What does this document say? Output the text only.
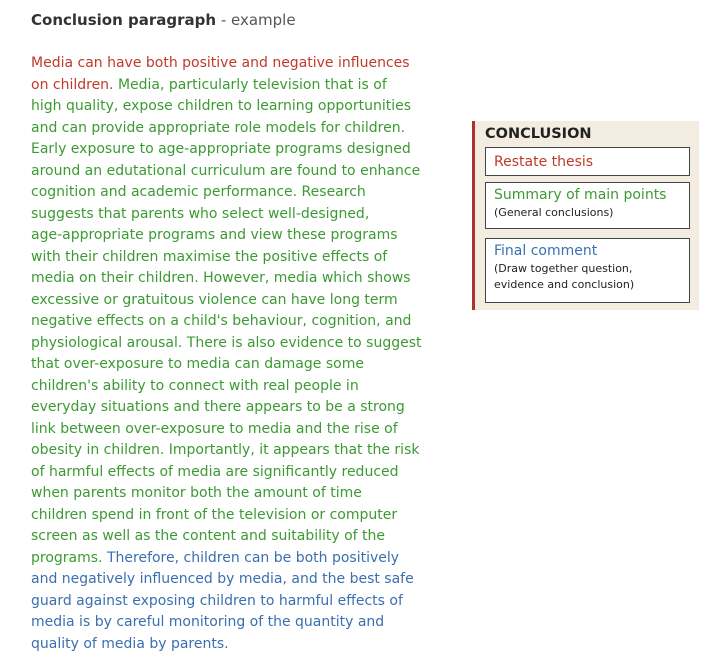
Conclusion paragraph - example
Media can have both positive and negative influences
on children. Media, particularly television that is of
high quality, expose children to learning opportunities
and can provide appropriate role models for children.
Early exposure to age-appropriate programs designed
around an edutational curriculum are found to enhance
cognition and academic performance. Research
suggests that parents who select well-designed,
age-appropriate programs and view these programs
with their children maximise the positive effects of
media on their children. However, media which shows
excessive or gratuitous violence can have long term
negative effects on a child's behaviour, cognition, and
physiological arousal. There is also evidence to suggest
that over-exposure to media can damage some
children's ability to connect with real people in
everyday situations and there appears to be a strong
link between over-exposure to media and the rise of
obesity in children. Importantly, it appears that the risk
of harmful effects of media are significantly reduced
when parents monitor both the amount of time
children spend in front of the television or computer
screen as well as the content and suitability of the
programs. Therefore, children can be both positively
and negatively influenced by media, and the best safe
guard against exposing children to harmful effects of
media is by careful monitoring of the quantity and
quality of media by parents.
CONCLUSION
Restate thesis
Summary of main points
(General conclusions)
Final comment
(Draw together question,
evidence and conclusion)
